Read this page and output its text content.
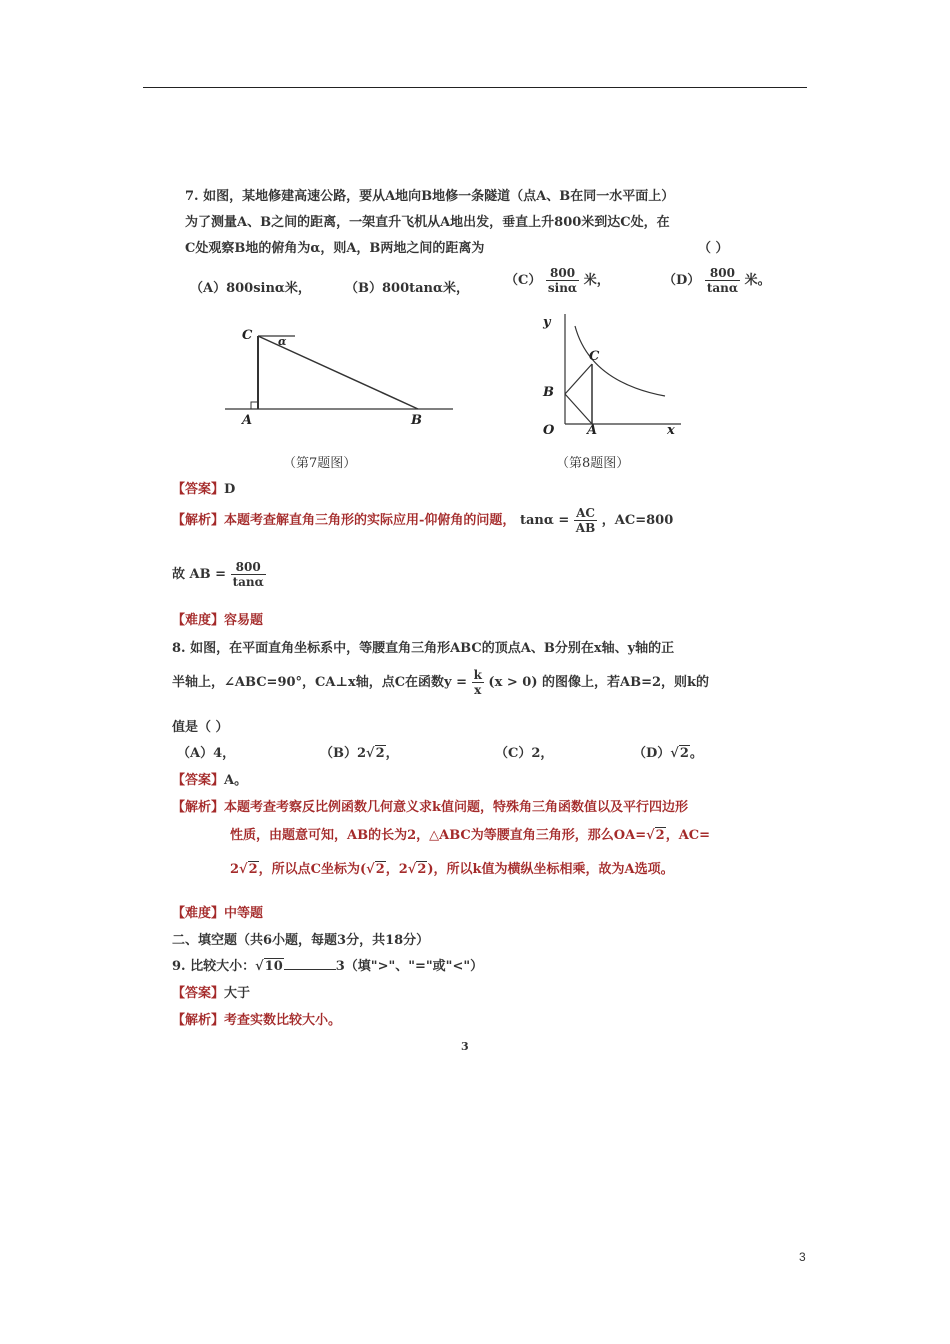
7. 如图，某地修建高速公路，要从A地向B地修一条隧道（点A、B在同一水平面上）
为了测量A、B之间的距离，一架直升飞机从A地出发，垂直上升800米到达C处，在
C处观察B地的俯角为α，则A，B两地之间的距离为	（ ）
（A）800sinα米，	（B）800tanα米，
$(C) \frac{800}{\sin\alpha}$ 米，	$(D) \frac{800}{\tan\alpha}$ 米。
C α
A	B
（第7题图）
y
x
C
B
O	A
（第8题图）
【答案】D
【解析】本题考查解直角三角形的实际应用-仰俯角的问题， $\tan\alpha = \frac{AC}{AB}$ ，AC=800
故 AB = $\frac{800}{\tan\alpha}$
【难度】容易题
8. 如图，在平面直角坐标系中，等腰直角三角形ABC的顶点A、B分别在x轴、y轴的正
半轴上，∠ABC=90°，CA⊥x轴，点C在函数$y = \frac{k}{x} (x > 0)$ 的图像上，若AB=2，则k的
值是（ ）
（A）4，	（B）2√2，	（C）2，	（D）√2。
【答案】A。
【解析】本题考查考察反比例函数几何意义求k值问题，特殊角三角函数值以及平行四边形
性质，由题意可知，AB的长为2，△ABC为等腰直角三角形，那么OA=√2，AC=
2√2，所以点C坐标为(√2，2√2)，所以k值为横纵坐标相乘，故为A选项。
【难度】中等题
二、填空题（共6小题，每题3分，共18分）
9. 比较大小：√10	3（填">"、"="或"<"）
【答案】大于
【解析】考查实数比较大小。
3
3
